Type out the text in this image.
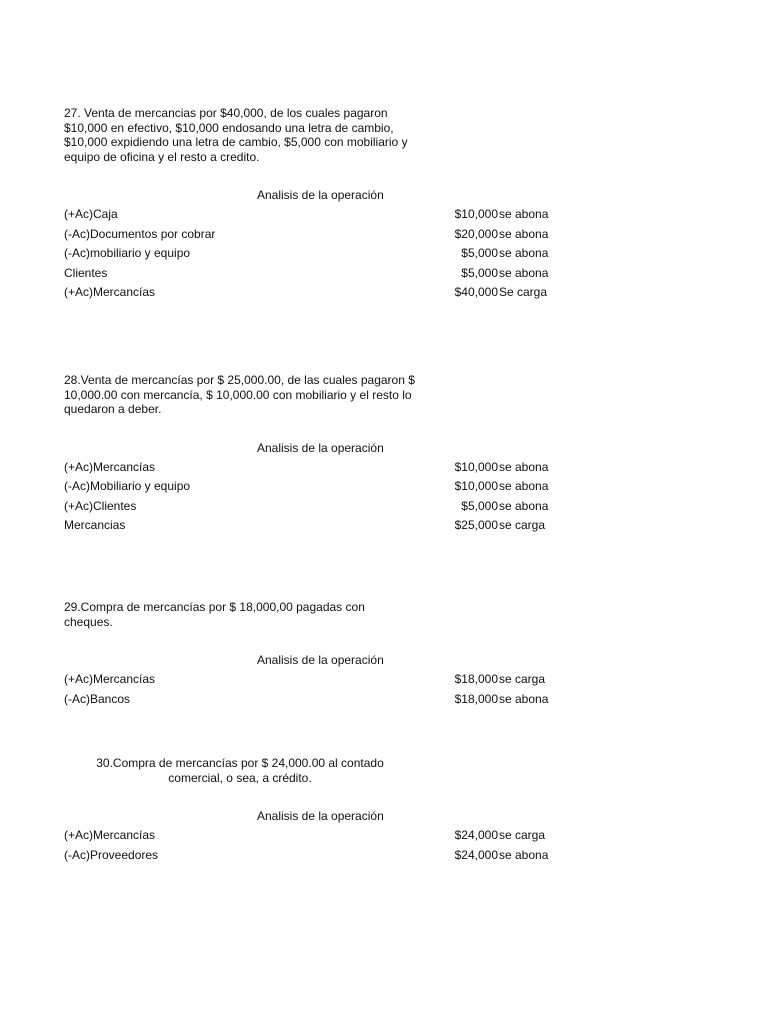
27. Venta de mercancias por $40,000, de los cuales pagaron $10,000 en efectivo, $10,000 endosando una letra de cambio, $10,000 expidiendo una letra de cambio, $5,000 con mobiliario y equipo de oficina y el resto a credito.
Analisis de la operación
(+Ac)Caja	$10,000 se abona
(-Ac)Documentos por cobrar	$20,000 se abona
(-Ac)mobiliario y equipo	$5,000 se abona
Clientes	$5,000 se abona
(+Ac)Mercancías	$40,000 Se carga
28.Venta de mercancías por $ 25,000.00, de las cuales pagaron $ 10,000.00 con mercancía, $ 10,000.00 con mobiliario y el resto lo quedaron a deber.
Analisis de la operación
(+Ac)Mercancías	$10,000 se abona
(-Ac)Mobiliario y equipo	$10,000 se abona
(+Ac)Clientes	$5,000 se abona
Mercancias	$25,000 se carga
29.Compra de mercancías por $ 18,000,00 pagadas con cheques.
Analisis de la operación
(+Ac)Mercancías	$18,000 se carga
(-Ac)Bancos	$18,000 se abona
30.Compra de mercancías por $ 24,000.00 al contado comercial, o sea, a crédito.
Analisis de la operación
(+Ac)Mercancías	$24,000 se carga
(-Ac)Proveedores	$24,000 se abona
